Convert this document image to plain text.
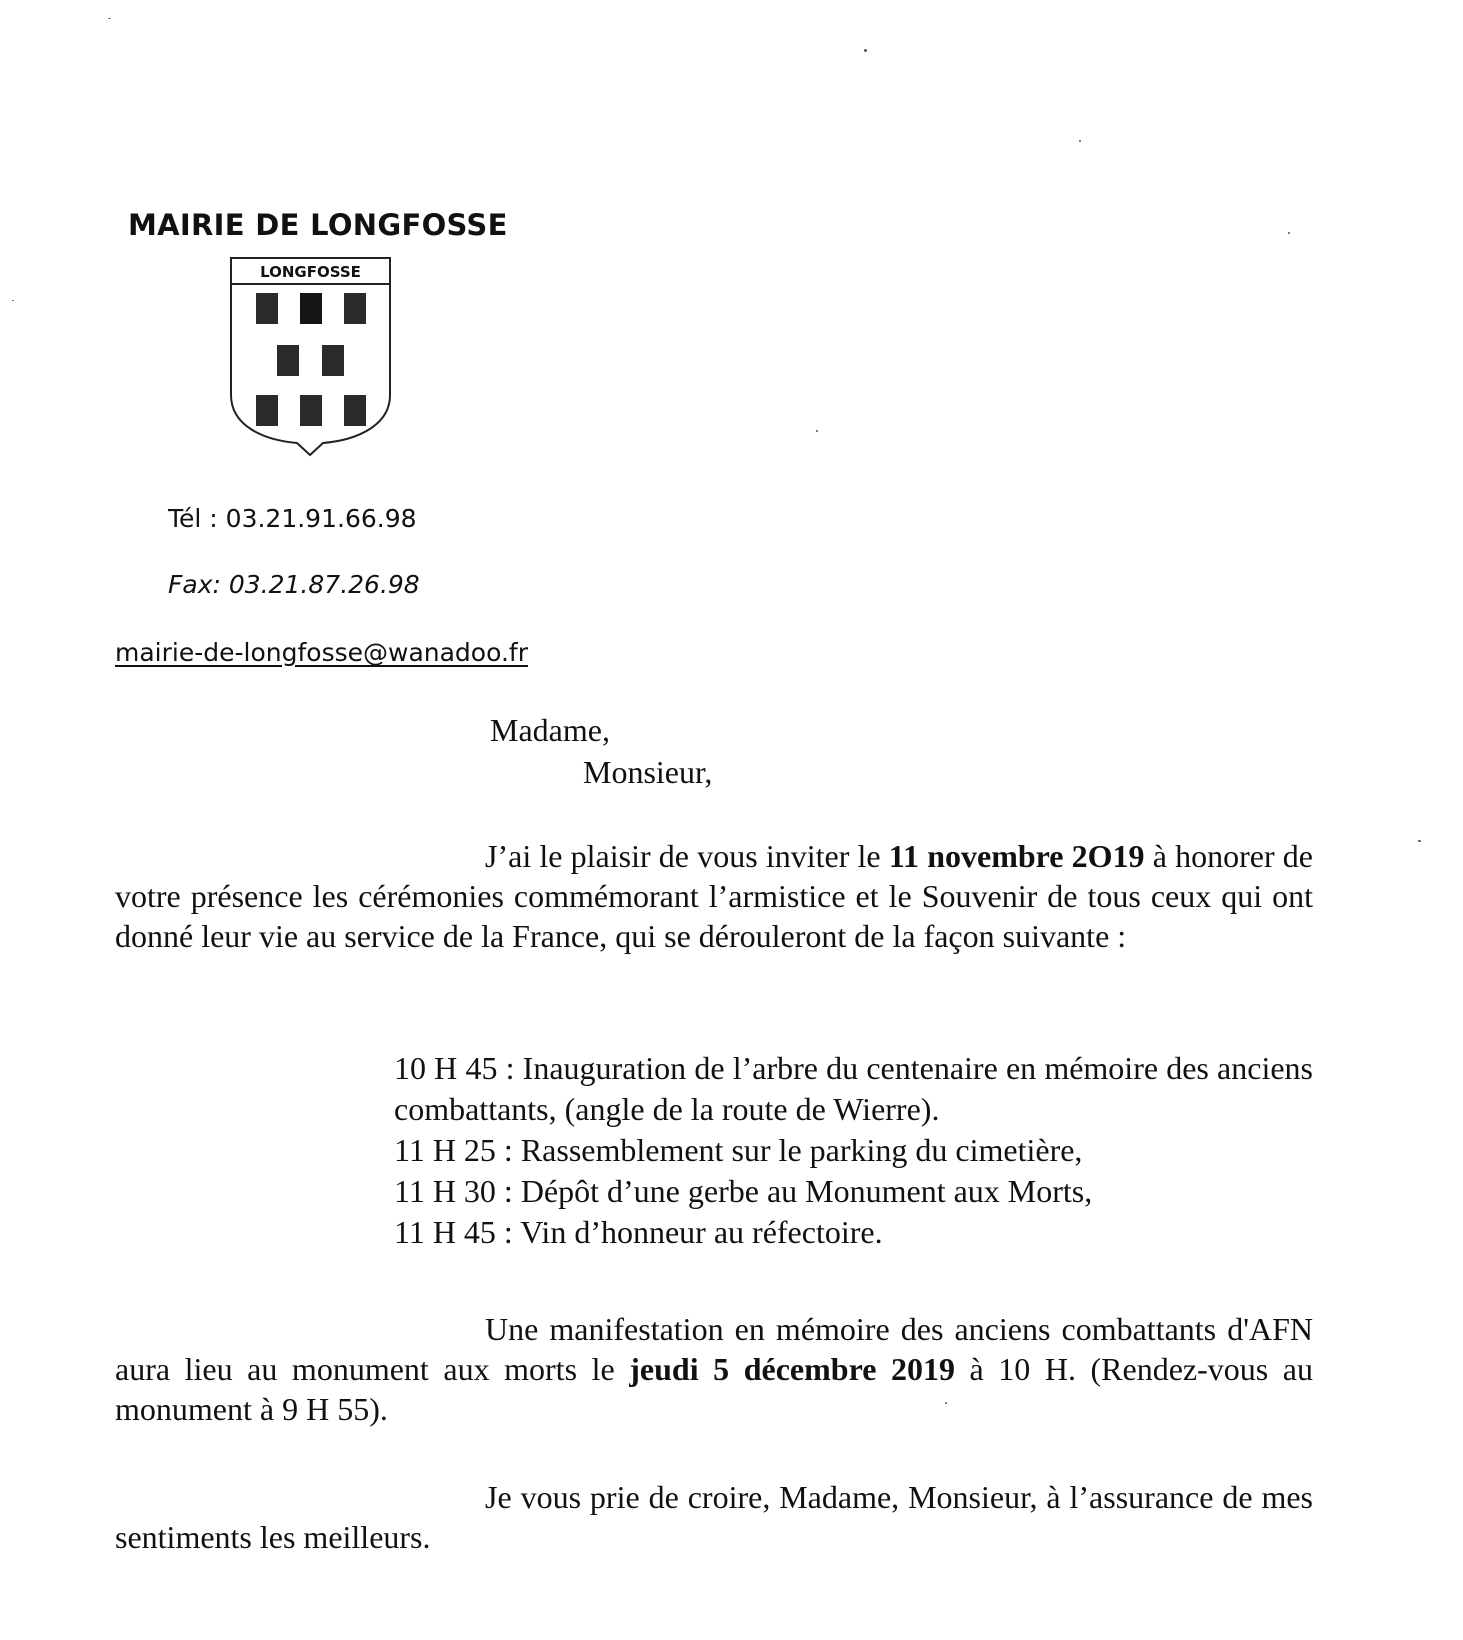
MAIRIE DE LONGFOSSE
LONGFOSSE
Tél : 03.21.91.66.98
Fax: 03.21.87.26.98
mairie-de-longfosse@wanadoo.fr
Madame,
Monsieur,
J’ai le plaisir de vous inviter le 11 novembre 2O19 à honorer de votre présence les cérémonies commémorant l’armistice et le Souvenir de tous ceux qui ont donné leur vie au service de la France, qui se dérouleront de la façon suivante :
10 H 45 : Inauguration de l’arbre du centenaire en mémoire des anciens combattants, (angle de la route de Wierre).
11 H 25 : Rassemblement sur le parking du cimetière,
11 H 30 : Dépôt d’une gerbe au Monument aux Morts,
11 H 45 : Vin d’honneur au réfectoire.
Une manifestation en mémoire des anciens combattants d'AFN aura lieu au monument aux morts le jeudi 5 décembre 2019 à 10 H. (Rendez-vous au monument à 9 H 55).
Je vous prie de croire, Madame, Monsieur, à l’assurance de mes sentiments les meilleurs.
